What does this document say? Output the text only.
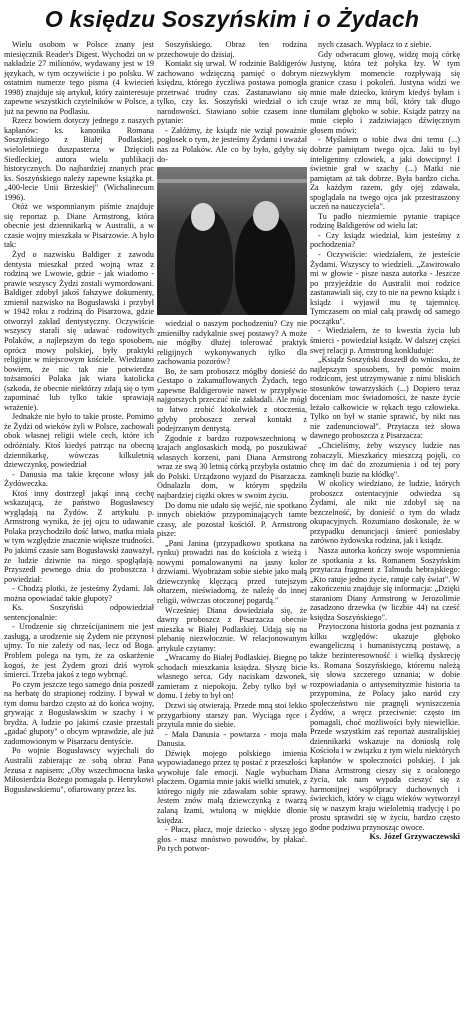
O księdzu Soszyńskim i o Żydach

Wielu osobom w Polsce znany jest miesięcznik Reader's Digest. Wychodzi on w nakładzie 27 milionów, wydawany jest w 19 językach, w tym oczywiście i po polsku. W ostatnim numerze tego pisma (4 kwiecień 1998) znajduje się artykuł, który zainteresuje zapewne wszystkich czytelników w Polsce, a już na pewno na Podlasiu.

Rzecz bowiem dotyczy jednego z naszych kapłanów: ks. kanonika Romana Soszyńskiego z Białej Podlaskiej, wieloletniego duszpasterza w Dzięcioli Siedleckiej, autora wielu publikacji historycznych. Do najbardziej znanych prac ks. Soszyńskiego należy zapewne książka pt. „400-lecie Unii Brzeskiej" (Wichalinecum 1996).

Otóż we wspomnianym piśmie znajduje się reportaż p. Diane Armstrong, która obecnie jest dziennikarką w Australii, a w czasie wojny mieszkała w Pisarzowie. A było tak:

Żyd o nazwisku Baldiger z zawodu dentysta mieszkał przed wojną wraz z rodziną we Lwowie, gdzie - jak wiadomo - prawie wszyscy Żydzi zostali wymordowani. Baldiger zdobył jakoś fałszywe dokumenty, zmienił nazwisko na Bogusławski i przybył w 1942 roku z rodziną do Pisarzowa, gdzie otworzył zakład dentystyczny. Oczywiście wszyscy starali się udawać rodowitych Polaków, a najlepszym do tego sposobem, oprócz mowy polskiej, były praktyki religijne w miejscowym kościele. Wiedziano bowiem, że nic tak nie potwierdza tożsamości Polaka jak wiara katolicka (szkoda, że obecnie niektórzy zdają się o tym zapominać lub tylko takie sprawiają wrażenie).

Jednakże nie było to takie proste. Pomimo że Żydzi od wieków żyli w Polsce, zachowali obok własnej religii wiele cech, które ich odróżniały. Ktoś kiedyś patrząc na obecną dziennikarkę, wówczas kilkuletnią dziewczynkę, powiedział

- Danusia ma takie kręcone włosy jak Żydóweczka.

Ktoś inny dostrzegł jakąś inną cechę wskazującą, że państwo Bogusławscy wyglądają na Żydów. Z artykułu p. Armstrong wynika, że jej ojcu to udawanie Polaka przychodziło dość łatwo, matka miała w tym względzie znacznie większe trudności. Po jakimś czasie sam Bogusławski zauważył, że ludzie dziwnie na niego spoglądają. Przyszedł pewnego dnia do proboszcza i powiedział:

- Chodzą plotki, że jesteśmy Żydami. Jak można opowiadać takie głupoty?

Ks. Soszyński odpowiedział sentencjonalnie:

- Urodzenie się chrześcijaninem nie jest zasługą, a urodzenie się Żydem nie przynosi ujmy. To nie zależy od nas, lecz od Boga. Problem polega na tym, że za oskarżenie kogoś, że jest Żydem grozi dziś wyrok śmierci. Trzeba jakoś z tego wybrnąć.

Po czym jeszcze tego samego dnia poszedł na herbatę do strapionej rodziny. I bywał w tym domu bardzo często aż do końca wojny, grywając z Bogusławskim w szachy i w brydża. A ludzie po jakimś czasie przestali „gadać głupoty" o obcym wprawdzie, ale już zadomowionym w Pisarzacu dentyście.

Po wojnie Bogusławscy wyjechali do Australii zabierając ze sobą obraz Pana Jezusa z napisem: „Oby wszechmocna łaska Miłosierdzia Bożego pomagała p. Henrykowi Bogusławskiemu", ofiarowany przez ks.

Soszyńskiego. Obraz ten rodzina przechowuje do dzisiaj.

Kontakt się urwał. W rodzinie Baldigerów zachowano wdzięczną pamięć o dobrym księdzu, którego życzliwa postawa pomogła przetrwać trudny czas. Zastanawiano się tylko, czy ks. Soszyński wiedział o ich narodowości. Stawiano sobie czasem inne pytanie:

- Załóżmy, że ksiądz nie wziął poważnie pogłosek o tym, że jesteśmy Żydami i uważał nas za Polaków. Ale co by było, gdyby się do-

wiedział o naszym pochodzeniu? Czy nie zmieniłby radykalnie swej postawy? A może nie mógłby dłużej tolerować praktyk religijnych wykonywanych tylko dla zachowania pozorów?

Bo, że sam proboszcz mógłby donieść do Gestapo o zakamuflowanych Żydach, tego zapewne Baldigerowie nawet w przypływie najgorszych przeczuć nie zakładali. Ale mógł to łatwo zrobić ktokolwiek z otoczenia, gdyby proboszcz zerwał kontakt z podejrzanym dentystą.

Zgodnie z bardzo rozpowszechnioną w krajach anglosaskich modą, po poszukiwać własnych korzeni, pani Diana Armstrong wraz ze swą 30 letnią córką przybyła ostatnio do Polski. Urządzono wyjazd do Pisarzacza. Odnalazła dom, w którym spędziła najbardziej ciężki okres w swoim życiu.

Do domu nie udało się wejść, nie spotkano innych obiektów przypominających tamte czasy, ale pozostał kościół. P. Armstrong pisze:

„Pani Janina (przypadkowo spotkana na rynku) prowadzi nas do kościoła z wieżą i nowymi pomalowanymi na jasny kolor drzwiami. Wyobrażam sobie siebie jako małą dziewczynkę klęczącą przed tutejszym ołtarzem, nieświadomą, że naleźę do innej religii, wówczas otoczonej pogardą."

Wcześniej Diana dowiedziała się, że dawny proboszcz z Pisarzacza obecnie mieszka w Białej Podlaskiej. Udają się na plebanię niezwłocznie. W relacjonowanym artykule czytamy:

„Wracamy do Białej Podlaskiej. Biegnę po schodach mieszkania księdza. Słyszę bicie własnego serca. Gdy naciskam dzwonek, zamieram z niepokoju. Żeby tylko był w domu. I żeby to był on!

Drzwi się otwierają. Przede mną stoi lekko przygarbiony starszy pan. Wyciąga ręce i przytula mnie do siebie.

- Mała Danusia - powtarza - moja mała Danusia.

Dźwięk mojego polskiego imienia wypowiadanego przez tę postać z przeszłości wywołuje fale emocji. Nagle wybucham płaczem. Ogarnia mnie jakiś wielki smutek, z którego nigdy nie zdawałam sobie sprawy. Jestem znów małą dziewczynką z twarzą zalaną łzami, wtuloną w miękkie dłonie księdza.

- Płacz, płacz, moje dziecko - słyszę jego głos - masz mnóstwo powodów, by płakać. Po tych potwor-

nych czasach. Wypłacz to z siebie.

Gdy odwracam głowę, widzę moją córkę Justynę, która też połyka łzy. W tym niezwykłym momencie rozpływają się granice czasu i pokoleń. Justyna widzi we mnie małe dziecko, którym kiedyś byłam i czuje wraz ze mną ból, który tak długo tłumiłam głęboko w sobie. Ksiądz patrzy na mnie ciepło i zadziwiająco dźwięcznym głosem mówi:

- Myślałem o tobie dwa dni temu (...) dobrze pamiętam twego ojca. Jaki to był inteligentny człowiek, a jaki dowcipny! I świetnie grał w szachy (...) Matki nie pamiętam aż tak dobrze. Była bardzo cicha. Za każdym razem, gdy ojej zdawała, spoglądała na twego ojca jak przestraszony uczeń na nauczyciela".

Tu padło niezmiernie pytanie trapiące rodzinę Baldigerów od wielu lat:

- Czy ksiądz wiedział, kim jesteśmy z pochodzenia?

- Oczywiście: wiedziałem, że jesteście Żydami. Wszyscy to wiedzieli. „Zawirowało mi w głowie - pisze nasza autorka - Jeszcze po przyjeździe do Australii moi rodzice zastanawiali się, czy to nie na pewno ksiądz i ksiądz i wyjawił mu tę tajemnicę. Tymczasem on miał całą prawdę od samego początku".

- Wiedziałem, że to kwestia życia lub śmierci - powiedział ksiądz. W dalszej części swej relacji p. Armstrong konkluduje:

„Ksiądz Soszyński doszedł do wniosku, że najlepszym sposobem, by pomóc moim rodzicom, jest utrzymywanie z nimi bliskich stosunków towarzyskich (...) Dopiero teraz doceniam moc świadomości, że nasze życie leżało całkowicie w rękach tego człowieka. Tylko on był w stanie sprawić, by nikt nas nie zadenunciował". Przytacza też słowa dawnego proboszcza z Pisarzacza:

„Chcieliśmy, żeby wszyscy ludzie nas zobaczyli. Mieszkańcy mieszczą pojęli, co chcę im dać do zrozumienia i od tej pory zamknęli buzie na kłódkę".

W okolicy wiedziano, że ludzie, których proboszcz ostentacyjnie odwiedza są Żydami, ale nikt nie zdobył się na bezczelność, by donieść o tym do władz okupacyjnych. Rozumiano doskonale, że w przypadku denuncjacji śmierć poniosłaby zarówno żydowska rodzina, jak i ksiądz.

Nasza autorka kończy swoje wspomnienia ze spotkania z ks. Romanem Soszyńskim przytacza fragment z Talmudu hebrajskiego: „Kto ratuje jedno życie, ratuje cały świat". W zakończeniu znajduje się informacja: „Dzięki staraniom Diany Armstrong w Jerozolimie zasadzono drzewka (w liczbie 44) na cześć księdza Soszyńskiego".

Przytoczona historia godna jest poznania z kilku względów: ukazuje głęboko ewangeliczną i humanistyczną postawę, a także bezinteresowność i wielką dyskrecję ks. Romana Soszyńskiego, któremu należą się słowa szczerego uznania; w dobie rozpowiadania o antysemityzmie historia ta przypomina, że Polacy jako naród czy społeczeństwo nie pragnęli wyniszczenia Żydów, a wręcz przeciwnie: często im pomagali, choć możliwości były niewielkie. Przede wszystkim zaś reportaż australijskiej dziennikarki wskazuje na doniosłą rolę Kościoła i w związku z tym wielu niektórych kapłanów w społeczności polskiej. I jak Diana Armstrong cieszy się z ocalonego życia, tak nam wypada cieszyć się z harmonijnej współpracy duchownych i świeckich, który w ciągu wieków wytworzył się w naszym kraju wieloletnią tradycję i po prostu sprawdzi się w życiu, bardzo często godne podziwu przynosząc owoce.

Ks. Józef Grzywaczewski
